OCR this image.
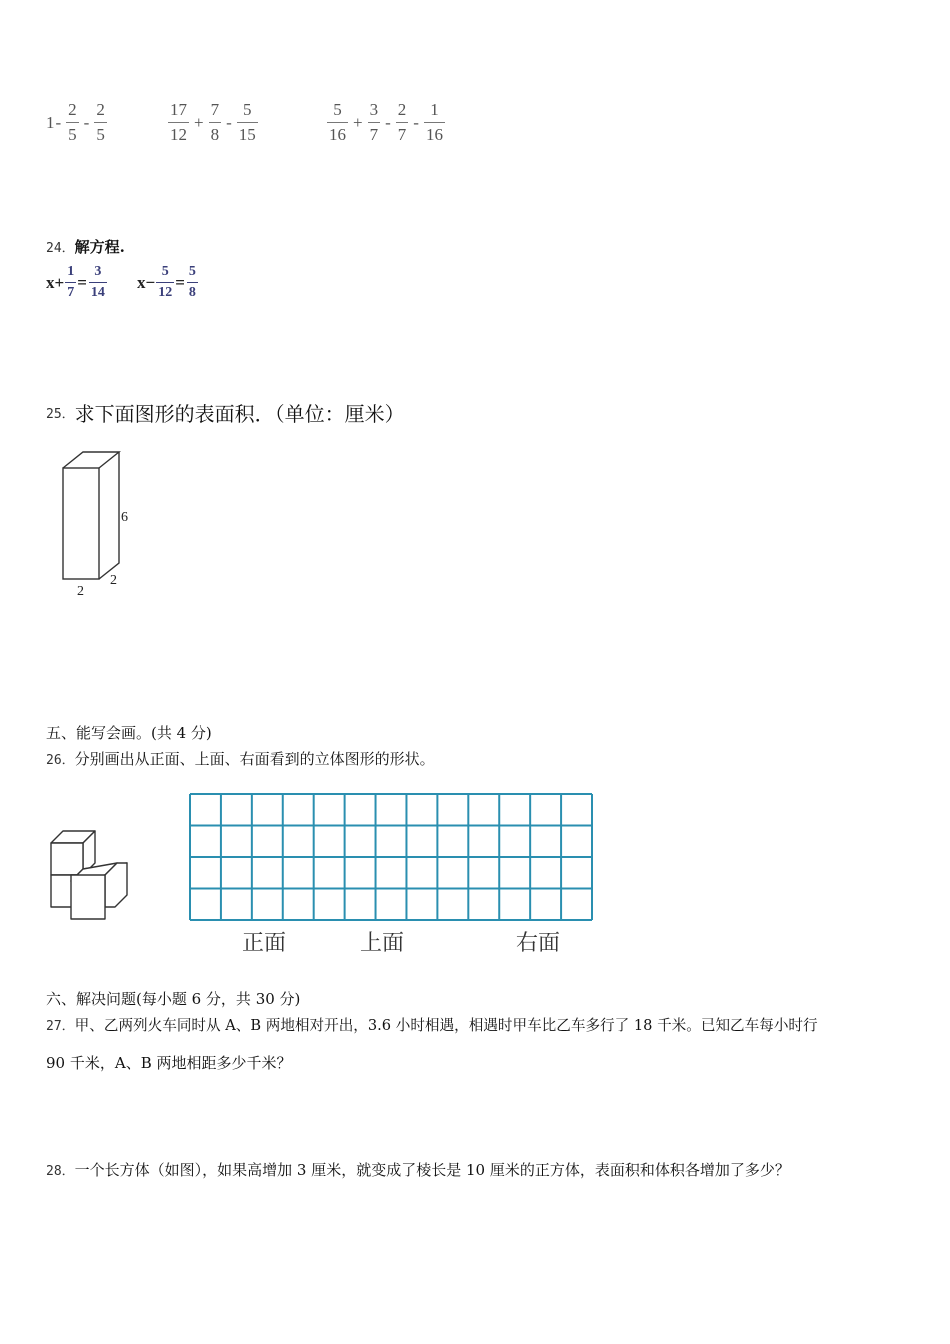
$1 - \frac{2}{5} - \frac{2}{5}$	$\frac{17}{12} + \frac{7}{8} - \frac{5}{15}$	$\frac{5}{16} + \frac{3}{7} - \frac{2}{7} - \frac{1}{16}$
24．解方程.
$x+ \frac{1}{7} = \frac{3}{14} x- \frac{5}{12} = \frac{5}{8}$
25． 求下面图形的表面积．（单位：厘米）
6
2
2
五、能写会画。(共 4 分)
26．分别画出从正面、上面、右面看到的立体图形的形状。
正面	上面	右面
六、解决问题(每小题 6 分，共 30 分)
27．甲、乙两列火车同时从 A、B 两地相对开出，3.6 小时相遇，相遇时甲车比乙车多行了 18 千米。已知乙车每小时行
90 千米，A、B 两地相距多少千米？
28．一个长方体（如图），如果高增加 3 厘米，就变成了棱长是 10 厘米的正方体，表面积和体积各增加了多少？
